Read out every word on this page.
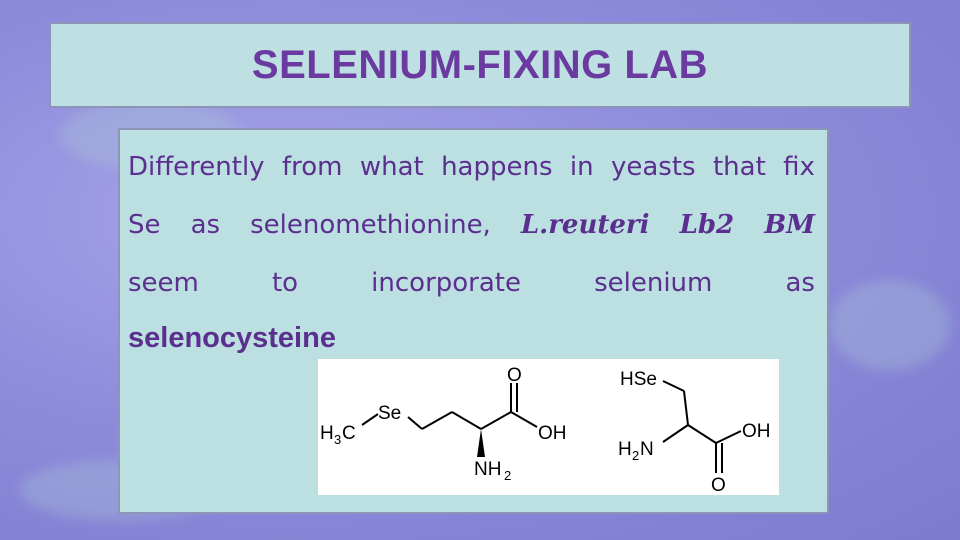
SELENIUM-FIXING LAB
Differently from what happens in yeasts that fix
Se as selenomethionine, L.reuteri Lb2 BM
seem	to	incorporate	selenium	as
selenocysteine
H 3 C
Se
O
OH
NH 2
HSe
H 2 N
OH
O
